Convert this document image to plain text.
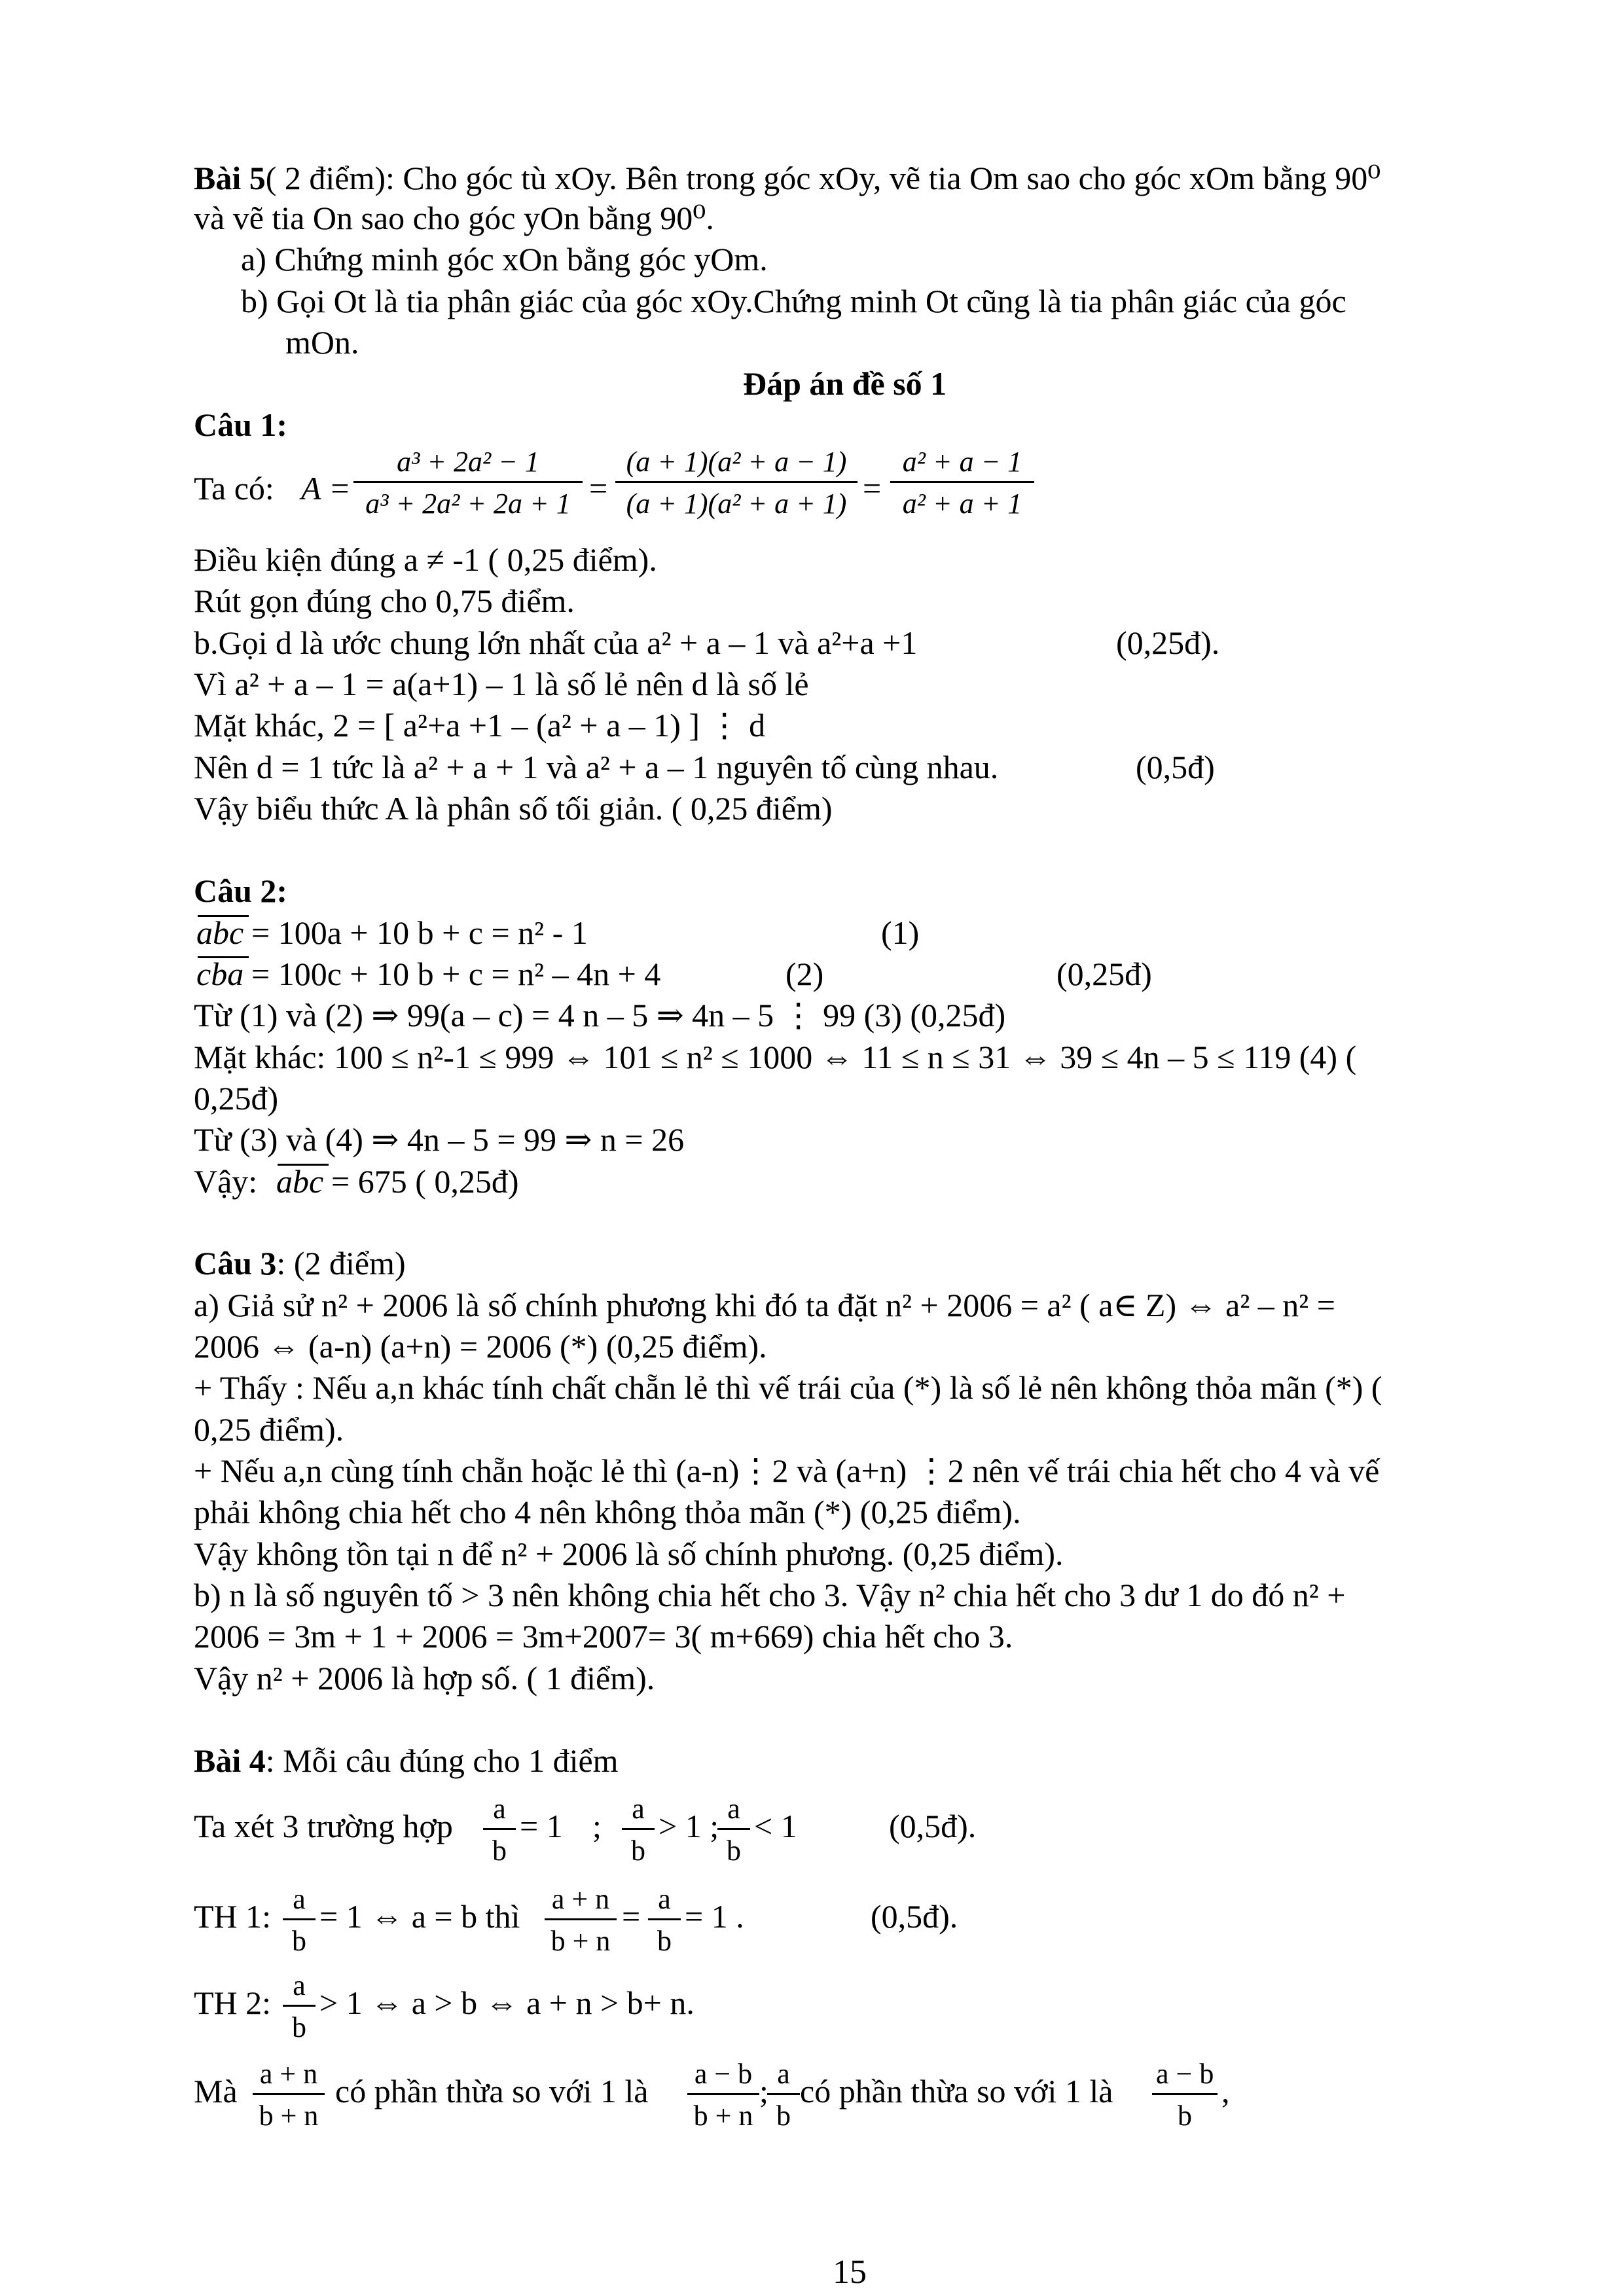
Bài 5( 2 điểm): Cho góc tù xOy. Bên trong góc xOy, vẽ tia Om sao cho góc xOm bằng 90⁰
và vẽ tia On sao cho góc yOn bằng 90⁰.
a) Chứng minh góc xOn bằng góc yOm.
b) Gọi Ot là tia phân giác của góc xOy.Chứng minh Ot cũng là tia phân giác của góc
mOn.
Đáp án đề số 1
Câu 1:
Ta có: A =
a³ + 2a² − 1
a³ + 2a² + 2a + 1 =
(a + 1)(a² + a − 1)
(a + 1)(a² + a + 1) =
a² + a − 1
a² + a + 1
Điều kiện đúng a ≠ -1 ( 0,25 điểm).
Rút gọn đúng cho 0,75 điểm.
b.Gọi d là ước chung lớn nhất của a² + a – 1 và a²+a +1	(0,25đ).
Vì a² + a – 1 = a(a+1) – 1 là số lẻ nên d là số lẻ
Mặt khác, 2 = [ a²+a +1 – (a² + a – 1) ] ⋮ d
Nên d = 1 tức là a² + a + 1 và a² + a – 1 nguyên tố cùng nhau.	(0,5đ)
Vậy biểu thức A là phân số tối giản. ( 0,25 điểm)
Câu 2:
abc = 100a + 10 b + c = n² - 1	(1)
cba = 100c + 10 b + c = n² – 4n + 4	(2)	(0,25đ)
Từ (1) và (2) ⇒ 99(a – c) = 4 n – 5 ⇒ 4n – 5 ⋮ 99 (3) (0,25đ)
Mặt khác: 100 ≤ n²-1 ≤ 999 ⇔ 101 ≤ n² ≤ 1000 ⇔ 11 ≤ n ≤ 31 ⇔ 39 ≤ 4n – 5 ≤ 119 (4) (
0,25đ)
Từ (3) và (4) ⇒ 4n – 5 = 99 ⇒ n = 26
Vậy: abc = 675 ( 0,25đ)
Câu 3: (2 điểm)
a) Giả sử n² + 2006 là số chính phương khi đó ta đặt n² + 2006 = a² ( a∈ Z) ⇔ a² – n² =
2006 ⇔ (a-n) (a+n) = 2006 (*) (0,25 điểm).
+ Thấy : Nếu a,n khác tính chất chẵn lẻ thì vế trái của (*) là số lẻ nên không thỏa mãn (*) (
0,25 điểm).
+ Nếu a,n cùng tính chẵn hoặc lẻ thì (a-n)⋮2 và (a+n) ⋮2 nên vế trái chia hết cho 4 và vế
phải không chia hết cho 4 nên không thỏa mãn (*) (0,25 điểm).
Vậy không tồn tại n để n² + 2006 là số chính phương. (0,25 điểm).
b) n là số nguyên tố > 3 nên không chia hết cho 3. Vậy n² chia hết cho 3 dư 1 do đó n² +
2006 = 3m + 1 + 2006 = 3m+2007= 3( m+669) chia hết cho 3.
Vậy n² + 2006 là hợp số. ( 1 điểm).
Bài 4: Mỗi câu đúng cho 1 điểm
Ta xét 3 trường hợp	a
b
= 1 ;	a
b
> 1 ; a
b
< 1	(0,5đ).
TH 1: a
b
= 1 ⇔ a = b thì a + n
b + n
= a
b
= 1 .	(0,5đ).
TH 2: a
b
> 1 ⇔ a > b ⇔ a + n > b+ n.
Mà a + n
b + n
có phần thừa so với 1 là a − b
b + n
; a
b
có phần thừa so với 1 là a − b
b
,
15
